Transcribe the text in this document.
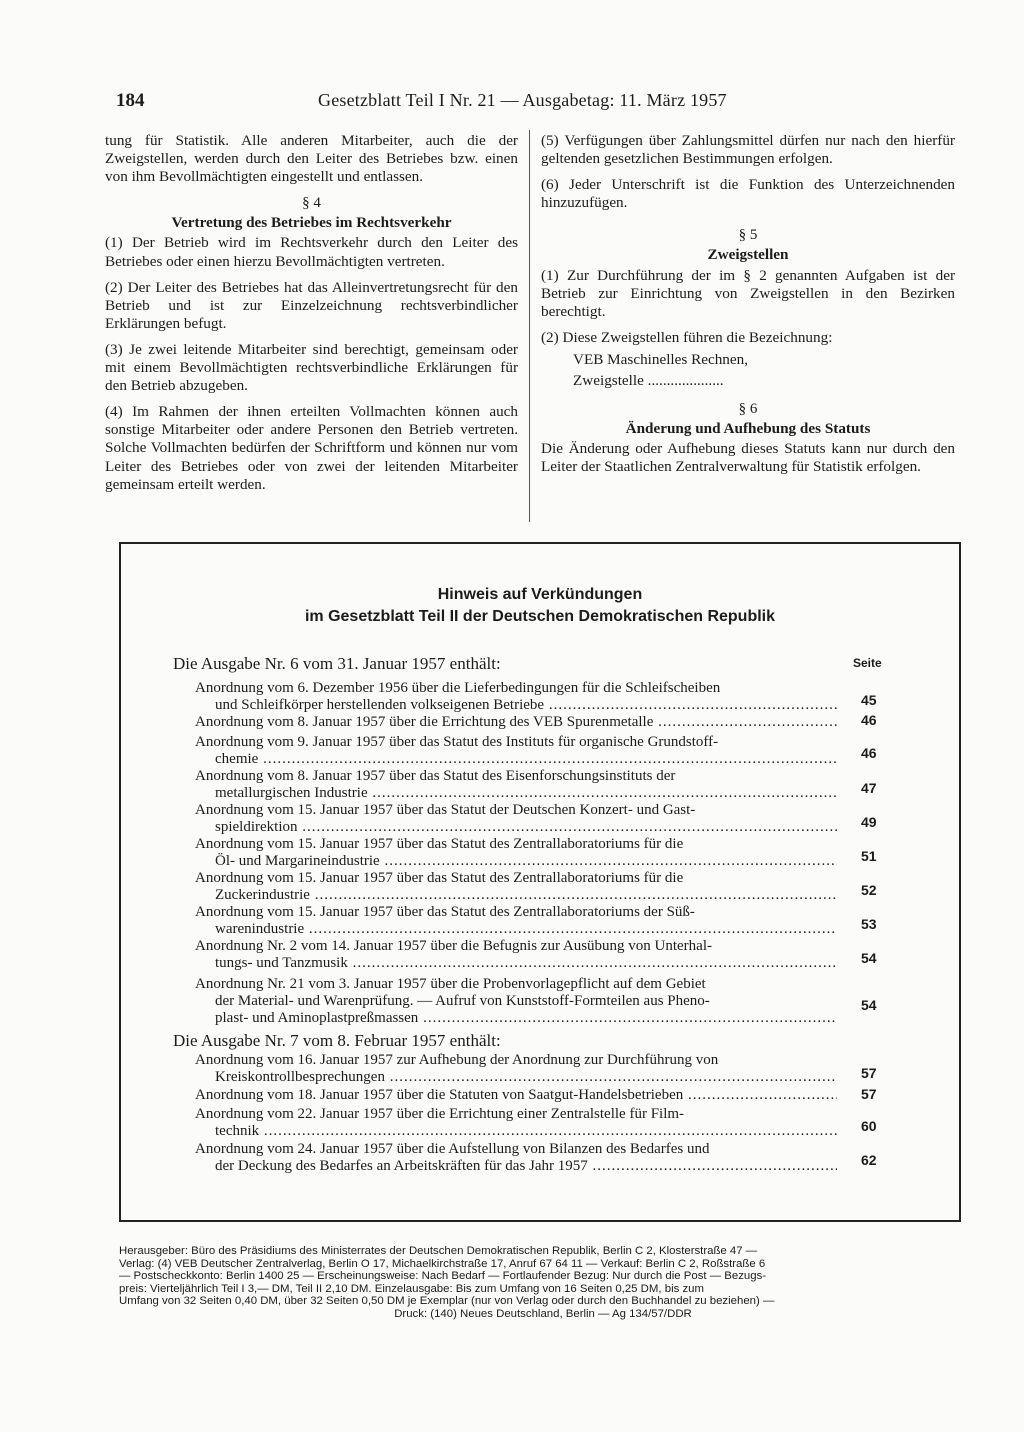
184	Gesetzblatt Teil I Nr. 21 — Ausgabetag: 11. März 1957

tung für Statistik. Alle anderen Mitarbeiter, auch die der Zweigstellen, werden durch den Leiter des Betriebes bzw. einen von ihm Bevollmächtigten eingestellt und entlassen.

§ 4
Vertretung des Betriebes im Rechtsverkehr

(1) Der Betrieb wird im Rechtsverkehr durch den Leiter des Betriebes oder einen hierzu Bevollmächtigten vertreten.

(2) Der Leiter des Betriebes hat das Alleinvertretungsrecht für den Betrieb und ist zur Einzelzeichnung rechtsverbindlicher Erklärungen befugt.

(3) Je zwei leitende Mitarbeiter sind berechtigt, gemeinsam oder mit einem Bevollmächtigten rechtsverbindliche Erklärungen für den Betrieb abzugeben.

(4) Im Rahmen der ihnen erteilten Vollmachten können auch sonstige Mitarbeiter oder andere Personen den Betrieb vertreten. Solche Vollmachten bedürfen der Schriftform und können nur vom Leiter des Betriebes oder von zwei der leitenden Mitarbeiter gemeinsam erteilt werden.

(5) Verfügungen über Zahlungsmittel dürfen nur nach den hierfür geltenden gesetzlichen Bestimmungen erfolgen.

(6) Jeder Unterschrift ist die Funktion des Unterzeichnenden hinzuzufügen.

§ 5
Zweigstellen

(1) Zur Durchführung der im § 2 genannten Aufgaben ist der Betrieb zur Einrichtung von Zweigstellen in den Bezirken berechtigt.

(2) Diese Zweigstellen führen die Bezeichnung:

VEB Maschinelles Rechnen,
Zweigstelle ....................
§ 6
Änderung und Aufhebung des Statuts

Die Änderung oder Aufhebung dieses Statuts kann nur durch den Leiter der Staatlichen Zentralverwaltung für Statistik erfolgen.

Hinweis auf Verkündungen
im Gesetzblatt Teil II der Deutschen Demokratischen Republik
Die Ausgabe Nr. 6 vom 31. Januar 1957 enthält:	Seite
Anordnung vom 6. Dezember 1956 über die Lieferbedingungen für die Schleifscheiben
und Schleifkörper herstellenden volkseigenen Betriebe .....	45
Anordnung vom 8. Januar 1957 über die Errichtung des VEB Spurenmetalle .....	46
Anordnung vom 9. Januar 1957 über das Statut des Instituts für organische Grundstoff-
chemie .....	46
Anordnung vom 8. Januar 1957 über das Statut des Eisenforschungsinstituts der
metallurgischen Industrie .....	47
Anordnung vom 15. Januar 1957 über das Statut der Deutschen Konzert- und Gast-
spieldirektion .....	49
Anordnung vom 15. Januar 1957 über das Statut des Zentrallaboratoriums für die
Öl- und Margarineindustrie .....	51
Anordnung vom 15. Januar 1957 über das Statut des Zentrallaboratoriums für die
Zuckerindustrie .....	52
Anordnung vom 15. Januar 1957 über das Statut des Zentrallaboratoriums der Süß-
warenindustrie .....	53
Anordnung Nr. 2 vom 14. Januar 1957 über die Befugnis zur Ausübung von Unterhal-
tungs- und Tanzmusik .....	54
Anordnung Nr. 21 vom 3. Januar 1957 über die Probenvorlagepflicht auf dem Gebiet
der Material- und Warenprüfung. — Aufruf von Kunststoff-Formteilen aus Pheno-
plast- und Aminoplastpreßmassen .....
54
Die Ausgabe Nr. 7 vom 8. Februar 1957 enthält:
Anordnung vom 16. Januar 1957 zur Aufhebung der Anordnung zur Durchführung von
Kreiskontrollbesprechungen .....	57
Anordnung vom 18. Januar 1957 über die Statuten von Saatgut-Handelsbetrieben .....	57
Anordnung vom 22. Januar 1957 über die Errichtung einer Zentralstelle für Film-
technik .....	60
Anordnung vom 24. Januar 1957 über die Aufstellung von Bilanzen des Bedarfes und
der Deckung des Bedarfes an Arbeitskräften für das Jahr 1957 .....	62
Herausgeber: Büro des Präsidiums des Ministerrates der Deutschen Demokratischen Republik, Berlin C 2, Klosterstraße 47 —
Verlag: (4) VEB Deutscher Zentralverlag, Berlin O 17, Michaelkirchstraße 17, Anruf 67 64 11 — Verkauf: Berlin C 2, Roßstraße 6
— Postscheckkonto: Berlin 1400 25 — Erscheinungsweise: Nach Bedarf — Fortlaufender Bezug: Nur durch die Post — Bezugs-
preis: Vierteljährlich Teil I 3,— DM, Teil II 2,10 DM. Einzelausgabe: Bis zum Umfang von 16 Seiten 0,25 DM, bis zum
Umfang von 32 Seiten 0,40 DM, über 32 Seiten 0,50 DM je Exemplar (nur von Verlag oder durch den Buchhandel zu beziehen) —
Druck: (140) Neues Deutschland, Berlin — Ag 134/57/DDR
